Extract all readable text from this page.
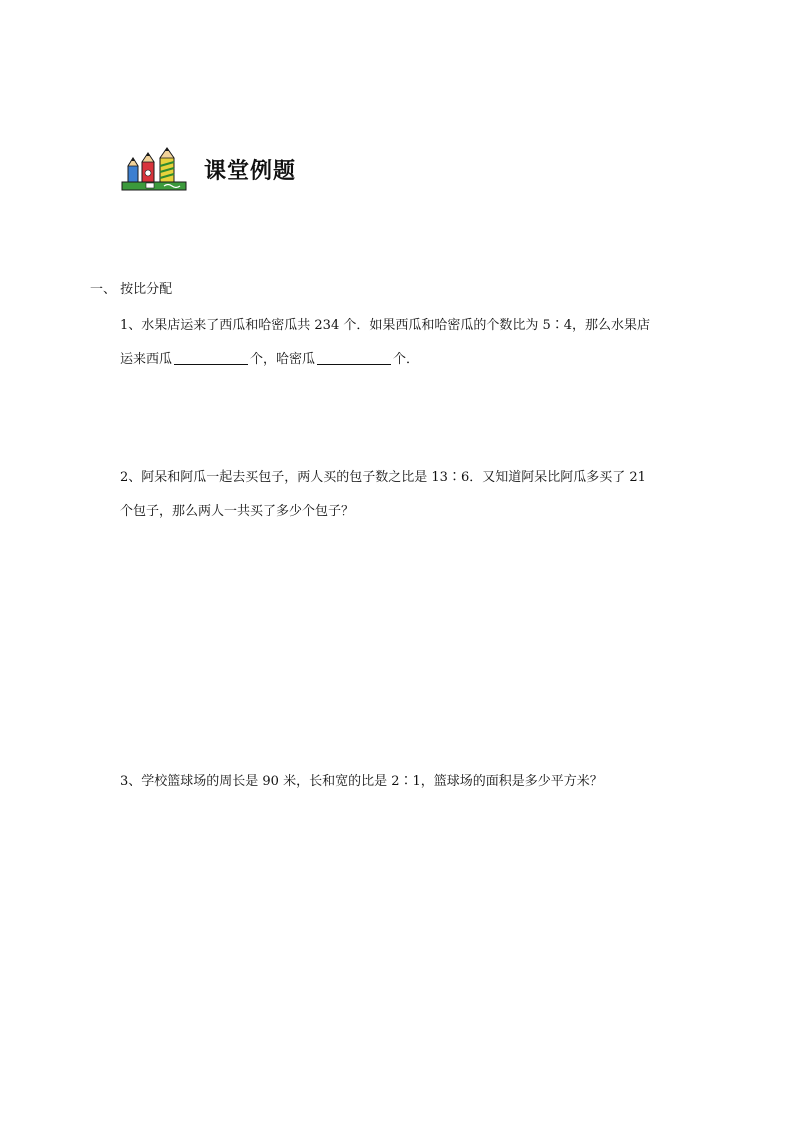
课堂例题
一、 按比分配

1、水果店运来了西瓜和哈密瓜共 234 个．如果西瓜和哈密瓜的个数比为 5∶4，那么水果店

运来西瓜	个，哈密瓜	个．

2、阿呆和阿瓜一起去买包子，两人买的包子数之比是 13∶6．又知道阿呆比阿瓜多买了 21

个包子，那么两人一共买了多少个包子？

3、学校篮球场的周长是 90 米，长和宽的比是 2∶1，篮球场的面积是多少平方米？
